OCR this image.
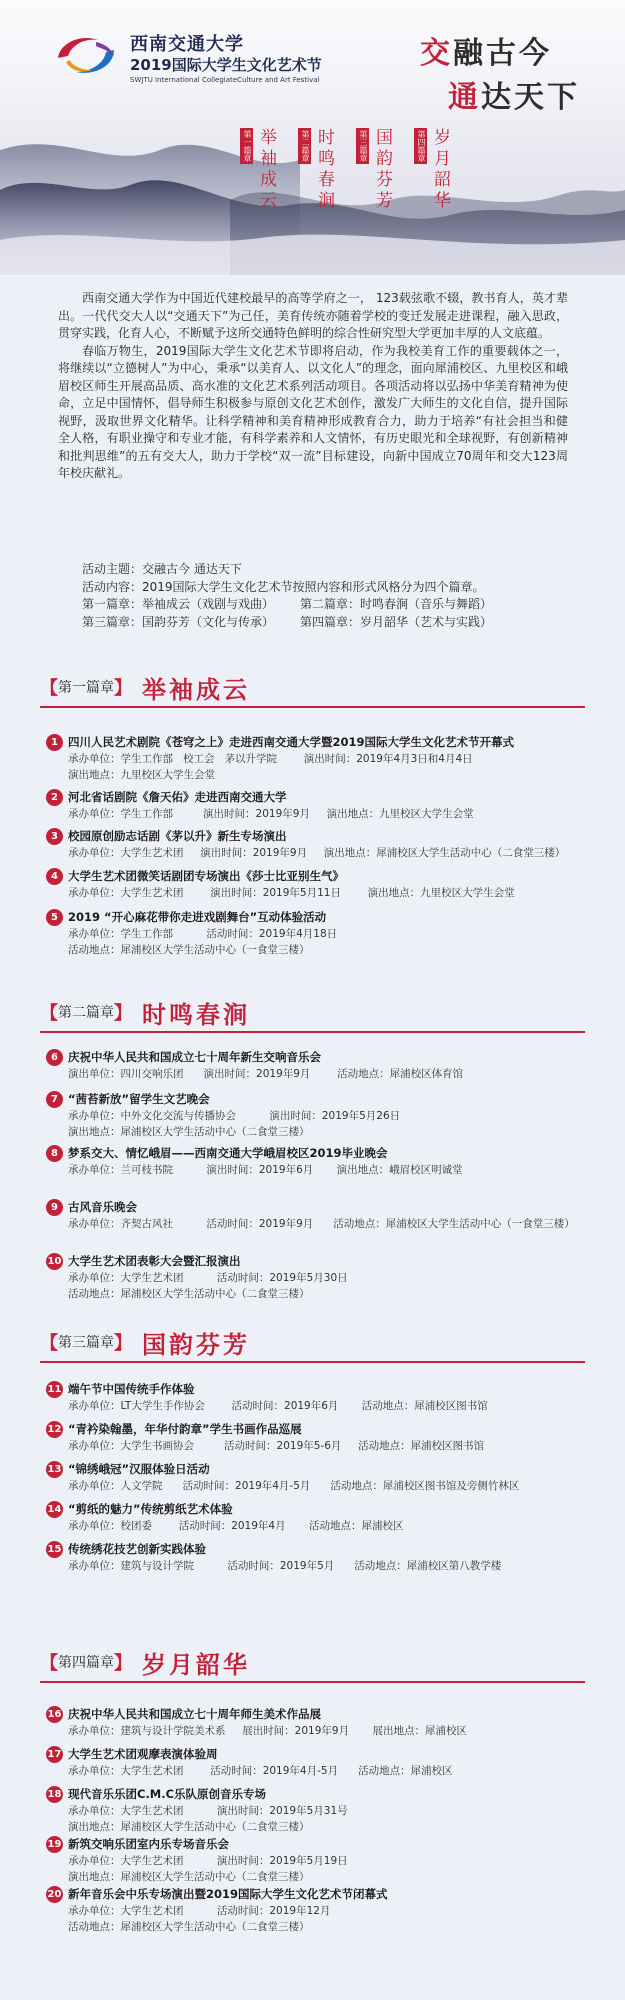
西南交通大学
2019国际大学生文化艺术节
SWJTU International CollegiateCulture and Art Festival
交融古今
通达天下
第一篇章 举袖成云	第二篇章 时鸣春涧	第三篇章 国韵芬芳	第四篇章 岁月韶华

西南交通大学作为中国近代建校最早的高等学府之一， 123载弦歌不辍，教书育人，英才辈出。一代代交大人以“交通天下”为己任，美育传统亦随着学校的变迁发展走进课程，融入思政，贯穿实践，化育人心，不断赋予这所交通特色鲜明的综合性研究型大学更加丰厚的人文底蕴。

春临万物生，2019国际大学生文化艺术节即将启动，作为我校美育工作的重要载体之一，将继续以“立德树人”为中心，秉承“以美育人、以文化人”的理念，面向犀浦校区、九里校区和峨眉校区师生开展高品质、高水准的文化艺术系列活动项目。各项活动将以弘扬中华美育精神为使命，立足中国情怀，倡导师生积极参与原创文化艺术创作，激发广大师生的文化自信，提升国际视野，汲取世界文化精华。让科学精神和美育精神形成教育合力，助力于培养“有社会担当和健全人格，有职业操守和专业才能，有科学素养和人文情怀，有历史眼光和全球视野，有创新精神和批判思维”的五有交大人，助力于学校“双一流”目标建设，向新中国成立70周年和交大123周年校庆献礼。

活动主题：交融古今 通达天下
活动内容：2019国际大学生文化艺术节按照内容和形式风格分为四个篇章。
第一篇章：举袖成云（戏剧与戏曲）	第二篇章：时鸣春涧（音乐与舞蹈）
第三篇章：国韵芬芳（文化与传承）	第四篇章：岁月韶华（艺术与实践）
【 第一篇章 】 举袖成云
【 第二篇章 】 时鸣春涧
【 第三篇章 】 国韵芬芳
【 第四篇章 】 岁月韶华
1 四川人民艺术剧院《苍穹之上》走进西南交通大学暨2019国际大学生文化艺术节开幕式
承办单位：学生工作部   校工会   茅以升学院        演出时间：2019年4月3日和4月4日
演出地点：九里校区大学生会堂
2 河北省话剧院《詹天佑》走进西南交通大学
承办单位：学生工作部         演出时间：2019年9月     演出地点：九里校区大学生会堂
3 校园原创励志话剧《茅以升》新生专场演出
承办单位：大学生艺术团     演出时间：2019年9月     演出地点：犀浦校区大学生活动中心（二食堂三楼）
4 大学生艺术团微笑话剧团专场演出《莎士比亚别生气》
承办单位：大学生艺术团        演出时间：2019年5月11日        演出地点：九里校区大学生会堂
5 2019 “开心麻花带你走进戏剧舞台”互动体验活动
承办单位：学生工作部          活动时间：2019年4月18日
活动地点：犀浦校区大学生活动中心（一食堂三楼）
6 庆祝中华人民共和国成立七十周年新生交响音乐会
演出单位：四川交响乐团      演出时间：2019年9月        活动地点：犀浦校区体育馆
7 “茜苔新放”留学生文艺晚会
承办单位：中外文化交流与传播协会          演出时间：2019年5月26日
演出地点：犀浦校区大学生活动中心（二食堂三楼）
8 梦系交大、情忆峨眉——西南交通大学峨眉校区2019毕业晚会
承办单位：兰可枝书院          演出时间：2019年6月       演出地点：峨眉校区明诚堂
9 古风音乐晚会
承办单位：齐契古风社          活动时间：2019年9月      活动地点：犀浦校区大学生活动中心（一食堂三楼）
10 大学生艺术团表彰大会暨汇报演出
承办单位：大学生艺术团          活动时间：2019年5月30日
活动地点：犀浦校区大学生活动中心（二食堂三楼）
11 端午节中国传统手作体验
承办单位：LT大学生手作协会        活动时间：2019年6月       活动地点：犀浦校区图书馆
12 “青衿染翰墨，年华付韵章”学生书画作品巡展
承办单位：大学生书画协会         活动时间：2019年5-6月     活动地点：犀浦校区图书馆
13 “锦绣峨冠”汉服体验日活动
承办单位：人文学院      活动时间：2019年4月-5月      活动地点：犀浦校区图书馆及旁侧竹林区
14 “剪纸的魅力”传统剪纸艺术体验
承办单位：校团委        活动时间：2019年4月       活动地点：犀浦校区
15 传统绣花技艺创新实践体验
承办单位：建筑与设计学院          活动时间：2019年5月      活动地点：犀浦校区第八教学楼
16 庆祝中华人民共和国成立七十周年师生美术作品展
承办单位：建筑与设计学院美术系     展出时间：2019年9月       展出地点：犀浦校区
17 大学生艺术团观摩表演体验周
承办单位：大学生艺术团        活动时间：2019年4月-5月      活动地点：犀浦校区
18 现代音乐乐团C.M.C乐队原创音乐专场
承办单位：大学生艺术团          演出时间：2019年5月31号
演出地点：犀浦校区大学生活动中心（二食堂三楼）
19 新筑交响乐团室内乐专场音乐会
承办单位：大学生艺术团          演出时间：2019年5月19日
演出地点：犀浦校区大学生活动中心（二食堂三楼）
20 新年音乐会中乐专场演出暨2019国际大学生文化艺术节闭幕式
承办单位：大学生艺术团          活动时间：2019年12月
活动地点：犀浦校区大学生活动中心（二食堂三楼）
